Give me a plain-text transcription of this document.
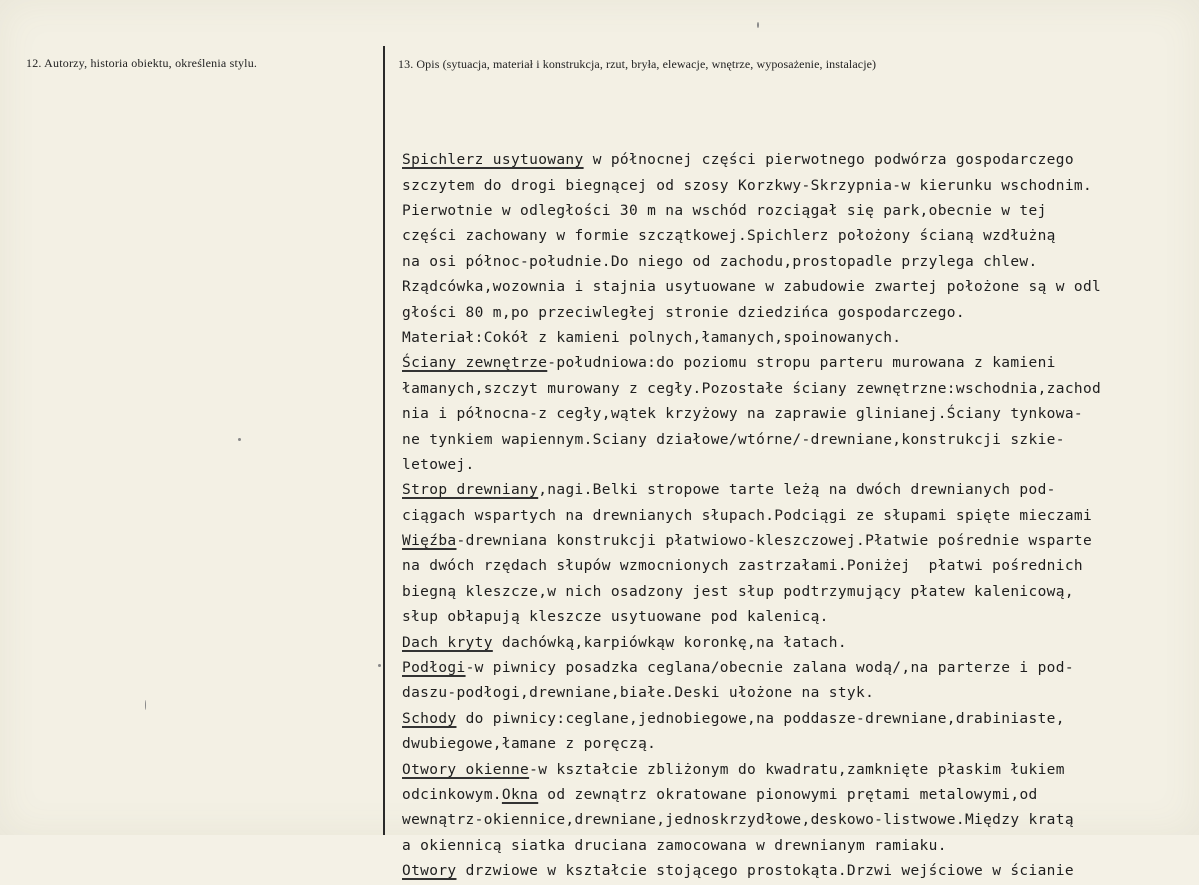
12. Autorzy, historia obiektu, określenia stylu.	13. Opis (sytuacja, materiał i konstrukcja, rzut, bryła, elewacje, wnętrze, wyposażenie, instalacje)

Spichlerz usytuowany w północnej części pierwotnego podwórza gospodarczego
szczytem do drogi biegnącej od szosy Korzkwy-Skrzypnia-w kierunku wschodnim.
Pierwotnie w odległości 30 m na wschód rozciągał się park,obecnie w tej
części zachowany w formie szczątkowej.Spichlerz położony ścianą wzdłużną
na osi północ-południe.Do niego od zachodu,prostopadle przylega chlew.
Rządcówka,wozownia i stajnia usytuowane w zabudowie zwartej położone są w odl
głości 80 m,po przeciwległej stronie dziedzińca gospodarczego.
Materiał:Cokół z kamieni polnych,łamanych,spoinowanych.
Ściany zewnętrze-południowa:do poziomu stropu parteru murowana z kamieni
łamanych,szczyt murowany z cegły.Pozostałe ściany zewnętrzne:wschodnia,zachod
nia i północna-z cegły,wątek krzyżowy na zaprawie glinianej.Ściany tynkowa-
ne tynkiem wapiennym.Sciany działowe/wtórne/-drewniane,konstrukcji szkie-
letowej.
Strop drewniany,nagi.Belki stropowe tarte leżą na dwóch drewnianych pod-
ciągach wspartych na drewnianych słupach.Podciągi ze słupami spięte mieczami
Więźba-drewniana konstrukcji płatwiowo-kleszczowej.Płatwie pośrednie wsparte
na dwóch rzędach słupów wzmocnionych zastrzałami.Poniżej  płatwi pośrednich
biegną kleszcze,w nich osadzony jest słup podtrzymujący płatew kalenicową,
słup obłapują kleszcze usytuowane pod kalenicą.
Dach kryty dachówką,karpiówkąw koronkę,na łatach.
Podłogi-w piwnicy posadzka ceglana/obecnie zalana wodą/,na parterze i pod-
daszu-podłogi,drewniane,białe.Deski ułożone na styk.
Schody do piwnicy:ceglane,jednobiegowe,na poddasze-drewniane,drabiniaste,
dwubiegowe,łamane z poręczą.
Otwory okienne-w kształcie zbliżonym do kwadratu,zamknięte płaskim łukiem
odcinkowym.Okna od zewnątrz okratowane pionowymi prętami metalowymi,od
wewnątrz-okiennice,drewniane,jednoskrzydłowe,deskowo-listwowe.Między kratą
a okiennicą siatka druciana zamocowana w drewnianym ramiaku.
Otwory drzwiowe w kształcie stojącego prostokąta.Drzwi wejściowe w ścianie
